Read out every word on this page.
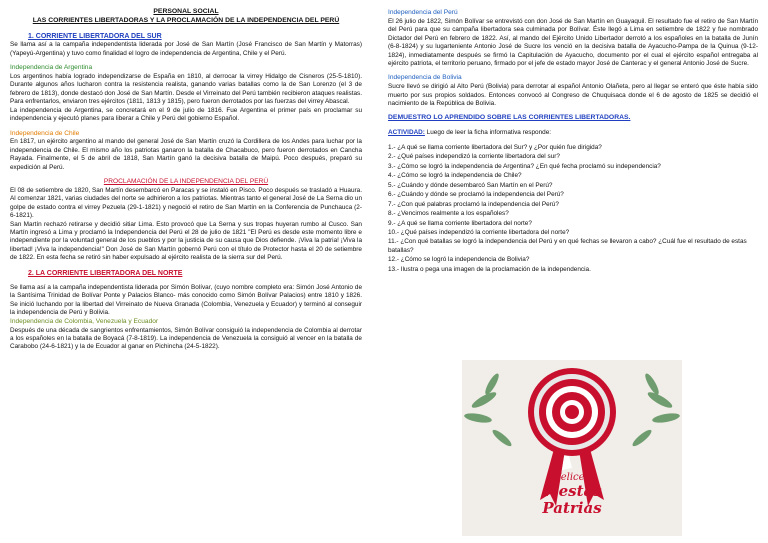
PERSONAL SOCIAL
LAS CORRIENTES LIBERTADORAS Y LA PROCLAMACIÓN DE LA INDEPENDENCIA DEL PERÚ
1. CORRIENTE LIBERTADORA DEL SUR

Se llama así a la campaña independentista liderada por José de San Martín (José Francisco de San Martín y Matorras) (Yapeyú-Argentina) y tuvo como finalidad el logro de independencia de Argentina, Chile y el Perú.

Independencia de Argentina

Los argentinos había logrado independizarse de España en 1810, al derrocar la virrey Hidalgo de Cisneros (25-5-1810). Durante algunos años lucharon contra la resistencia realista, ganando varias batallas como la de San Lorenzo (el 3 de febrero de 1813), donde destacó don José de San Martín. Desde el Virreinato del Perú también recibieron ataques realistas. Para enfrentarlos, enviaron tres ejércitos (1811, 1813 y 1815), pero fueron derrotados por las fuerzas del virrey Abascal.

La independencia de Argentina, se concretará en el 9 de julio de 1816. Fue Argentina el primer país en proclamar su independencia y ejecutó planes para liberar a Chile y Perú del gobierno Español.

Independencia de Chile

En 1817, un ejército argentino al mando del general José de San Martín cruzó la Cordillera de los Andes para luchar por la independencia de Chile. El mismo año los patriotas ganaron la batalla de Chacabuco, pero fueron derrotados en Cancha Rayada. Finalmente, el 5 de abril de 1818, San Martín ganó la decisiva batalla de Maipú. Poco después, preparó su expedición al Perú.

PROCLAMACIÓN DE LA INDEPENDENCIA DEL PERÚ

El 08 de setiembre de 1820, San Martín desembarcó en Paracas y se instaló en Pisco. Poco después se trasladó a Huaura. Al comenzar 1821, varias ciudades del norte se adhirieron a los patriotas. Mientras tanto el general José de La Serna dio un golpe de estado contra el virrey Pezuela (29-1-1821) y negoció el retiro de San Martín en la Conferencia de Punchauca (2-6-1821).

San Martín rechazó retirarse y decidió sitiar Lima. Esto provocó que La Serna y sus tropas huyeran rumbo al Cusco. San Martín ingresó a Lima y proclamó la Independencia del Perú el 28 de julio de 1821 "El Perú es desde este momento libre e independiente por la voluntad general de los pueblos y por la justicia de su causa que Dios defiende. ¡Viva la patria! ¡Viva la libertad! ¡Viva la independencia!" Don José de San Martín gobernó Perú con el título de Protector hasta el 20 de setiembre de 1822. En esta fecha se retiró sin haber expulsado al ejército realista de la sierra sur del Perú.

2. LA CORRIENTE LIBERTADORA DEL NORTE

Se llama así a la campaña independentista liderada por Simón Bolívar, (cuyo nombre completo era: Simón José Antonio de la Santísima Trinidad de Bolívar Ponte y Palacios Blanco- más conocido como Simón Bolívar Palacios) entre 1810 y 1826. Se inició luchando por la libertad del Virreinato de Nueva Granada (Colombia, Venezuela y Ecuador) y terminó al conseguir la independencia de Perú y Bolivia.

Independencia de Colombia, Venezuela y Ecuador

Después de una década de sangrientos enfrentamientos, Simón Bolívar consiguió la independencia de Colombia al derrotar a los españoles en la batalla de Boyacá (7-8-1819). La independencia de Venezuela la consiguió al vencer en la batalla de Carabobo (24-6-1821) y la de Ecuador al ganar en Pichincha (24-5-1822).

Independencia del Perú

El 26 julio de 1822, Simón Bolívar se entrevistó con don José de San Martín en Guayaquil. El resultado fue el retiro de San Martín del Perú para que su campaña libertadora sea culminada por Bolívar. Éste llegó a Lima en setiembre de 1822 y fue nombrado Dictador del Perú en febrero de 1822. Así, al mando del Ejército Unido Libertador derrotó a los españoles en la batalla de Junín (6-8-1824) y su lugarteniente Antonio José de Sucre los venció en la decisiva batalla de Ayacucho-Pampa de la Quinua (9-12-1824), inmediatamente después se firmó la Capitulación de Ayacucho, documento por el cual el ejército español entregaba al ejército patriota, el territorio peruano, firmado por el jefe de estado mayor José de Canterac y el general Antonio José de Sucre.

Independencia de Bolivia

Sucre llevó se dirigió al Alto Perú (Bolivia) para derrotar al español Antonio Olañeta, pero al llegar se enteró que éste había sido muerto por sus propios soldados. Entonces convocó al Congreso de Chuquisaca donde el 6 de agosto de 1825 se decidió el nacimiento de la República de Bolivia.

DEMUESTRO LO APRENDIDO SOBRE LAS CORRIENTES LIBERTADORAS.
ACTIVIDAD: Luego de leer la ficha informativa responde:
1.- ¿A qué se llama corriente libertadora del Sur? y ¿Por quién fue dirigida?
2.- ¿Qué países independizó la corriente libertadora del sur?
3.- ¿Cómo se logró la independencia de Argentina? ¿En qué fecha proclamó su independencia?
4.- ¿Cómo se logró la independencia de Chile?
5.- ¿Cuándo y dónde desembarcó San Martín en el Perú?
6.- ¿Cuándo y dónde se proclamó la independencia del Perú?
7.- ¿Con qué palabras proclamó la independencia del Perú?
8.- ¿Vencimos realmente a los españoles?
9.- ¿A qué se llama corriente libertadora del norte?
10.- ¿Qué países independizó la corriente libertadora del norte?
11.- ¿Con qué batallas se logró la independencia del Perú y en qué fechas se llevaron a cabo? ¿Cuál fue el resultado de estas batallas?
12.- ¿Cómo se logró la independencia de Bolivia?
13.- Ilustra o pega una imagen de la proclamación de la independencia.
Felices
Fiestas
Patrias
